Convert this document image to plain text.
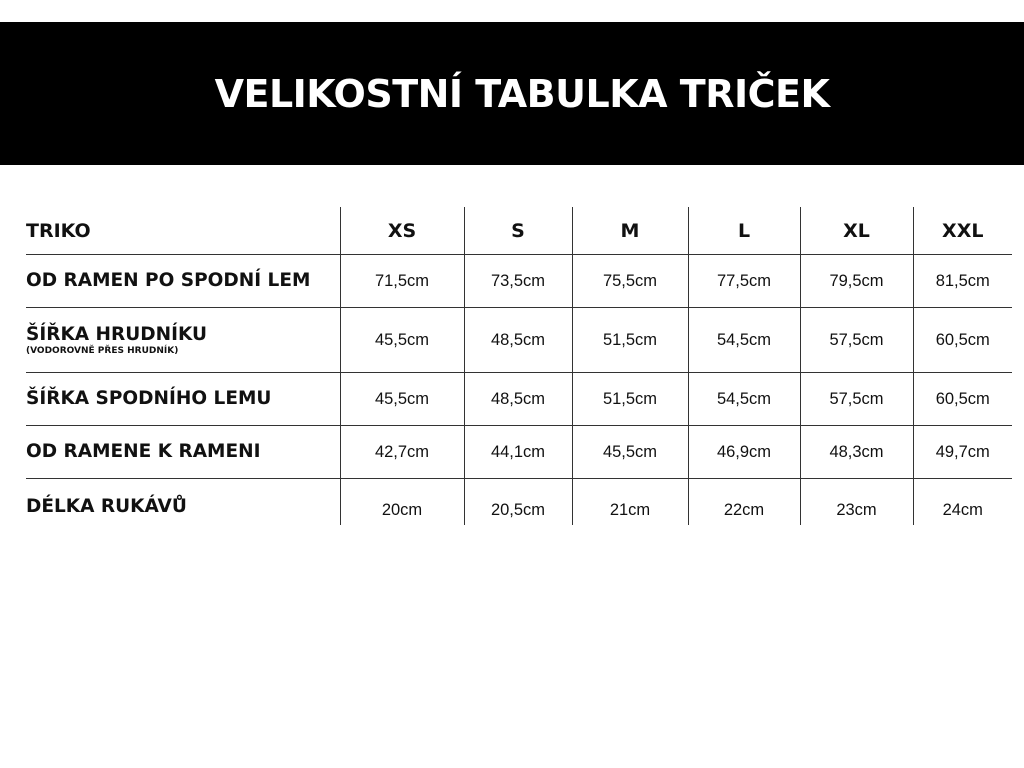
VELIKOSTNÍ TABULKA TRIČEK
TRIKO	XS	S	M	L	XL	XXL
OD RAMEN PO SPODNÍ LEM	71,5cm	73,5cm	75,5cm	77,5cm	79,5cm	81,5cm
ŠÍŘKA HRUDNÍKU
(VODOROVNĚ PŘES HRUDNÍK)	45,5cm	48,5cm	51,5cm	54,5cm	57,5cm	60,5cm
ŠÍŘKA SPODNÍHO LEMU	45,5cm	48,5cm	51,5cm	54,5cm	57,5cm	60,5cm
OD RAMENE K RAMENI	42,7cm	44,1cm	45,5cm	46,9cm	48,3cm	49,7cm

DÉLKA RUKÁVŮ	20cm	20,5cm	21cm	22cm	23cm	24cm
